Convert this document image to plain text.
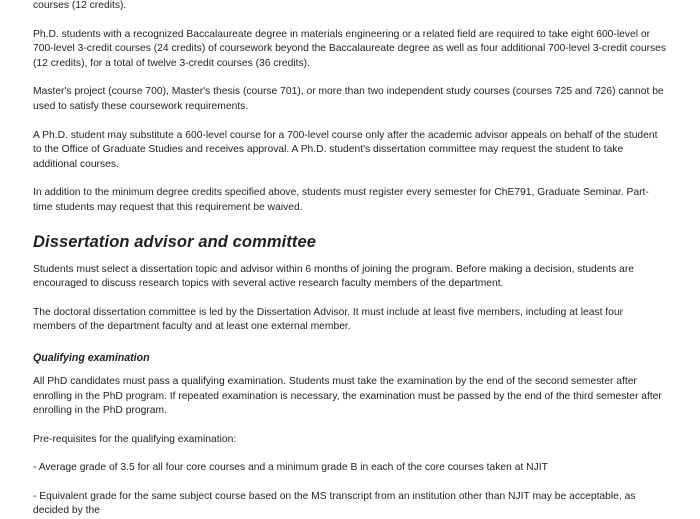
courses (12 credits).

Ph.D. students with a recognized Baccalaureate degree in materials engineering or a related field are required to take eight 600-level or 700-level 3-credit courses (24 credits) of coursework beyond the Baccalaureate degree as well as four additional 700-level 3-credit courses (12 credits), for a total of twelve 3-credit courses (36 credits).

Master's project (course 700), Master's thesis (course 701), or more than two independent study courses (courses 725 and 726) cannot be used to satisfy these coursework requirements.

A Ph.D. student may substitute a 600-level course for a 700-level course only after the academic advisor appeals on behalf of the student to the Office of Graduate Studies and receives approval. A Ph.D. student's dissertation committee may request the student to take additional courses.

In addition to the minimum degree credits specified above, students must register every semester for ChE791, Graduate Seminar. Part-time students may request that this requirement be waived.

Dissertation advisor and committee

Students must select a dissertation topic and advisor within 6 months of joining the program. Before making a decision, students are encouraged to discuss research topics with several active research faculty members of the department.

The doctoral dissertation committee is led by the Dissertation Advisor. It must include at least five members, including at least four members of the department faculty and at least one external member.

Qualifying examination

All PhD candidates must pass a qualifying examination. Students must take the examination by the end of the second semester after enrolling in the PhD program. If repeated examination is necessary, the examination must be passed by the end of the third semester after enrolling in the PhD program.

Pre-requisites for the qualifying examination:

- Average grade of 3.5 for all four core courses and a minimum grade B in each of the core courses taken at NJIT

- Equivalent grade for the same subject course based on the MS transcript from an institution other than NJIT may be acceptable, as decided by the
